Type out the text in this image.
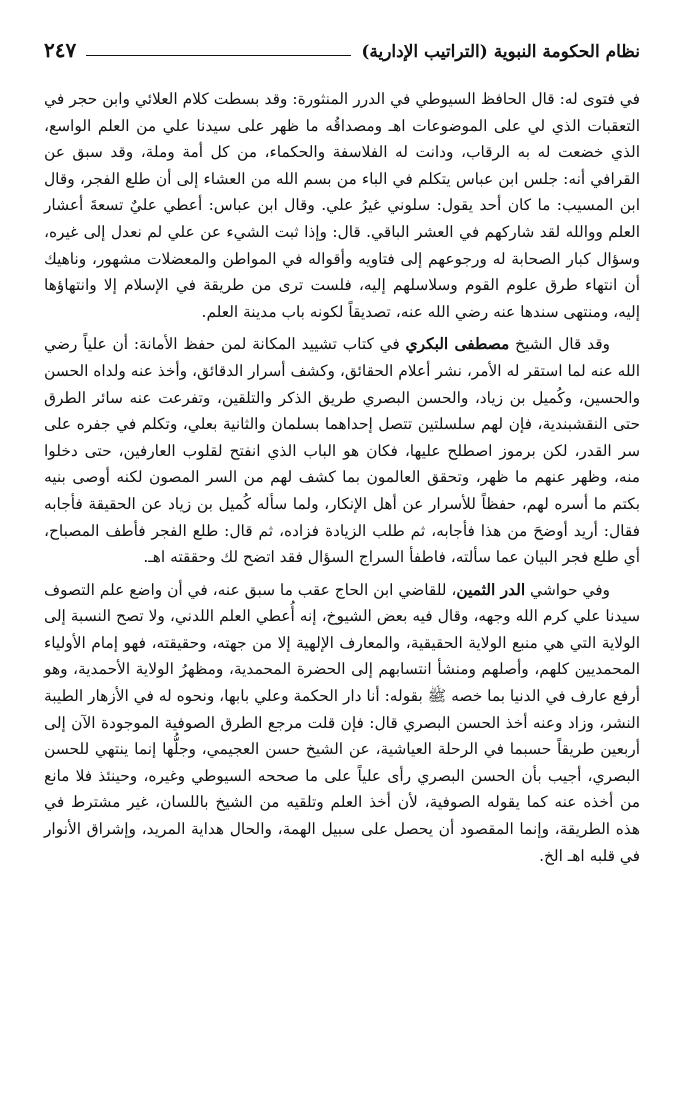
نظام الحكومة النبوية (التراتيب الإدارية)
٢٤٧

في فتوى له: قال الحافظ السيوطي في الدرر المنثورة: وقد بسطت كلام العلائي وابن حجر في التعقبات الذي لي على الموضوعات اهـ ومصداقُه ما ظهر على سيدنا علي من العلم الواسع، الذي خضعت له به الرقاب، ودانت له الفلاسفة والحكماء، من كل أمة وملة، وقد سبق عن القرافي أنه: جلس ابن عباس يتكلم في الباء من بسم الله من العشاء إلى أن طلع الفجر، وقال ابن المسيب: ما كان أحد يقول: سلوني غيرُ علي. وقال ابن عباس: أعطي عليٌ تسعةَ أعشار العلم ووالله لقد شاركهم في العشر الباقي. قال: وإذا ثبت الشيء عن علي لم نعدل إلى غيره، وسؤال كبار الصحابة له ورجوعهم إلى فتاويه وأقواله في المواطن والمعضلات مشهور، وناهيك أن انتهاء طرق علوم القوم وسلاسلهم إليه، فلست ترى من طريقة في الإسلام إلا وانتهاؤها إليه، ومنتهى سندها عنه رضي الله عنه، تصديقاً لكونه باب مدينة العلم.

وقد قال الشيخ مصطفى البكري في كتاب تشييد المكانة لمن حفظ الأمانة: أن علياً رضي الله عنه لما استقر له الأمر، نشر أعلام الحقائق، وكشف أسرار الدقائق، وأخذ عنه ولداه الحسن والحسين، وكُميل بن زياد، والحسن البصري طريق الذكر والتلقين، وتفرعت عنه سائر الطرق حتى النقشبندية، فإن لهم سلسلتين تتصل إحداهما بسلمان والثانية بعلي، وتكلم في جفره على سر القدر، لكن برموز اصطلح عليها، فكان هو الباب الذي انفتح لقلوب العارفين، حتى دخلوا منه، وظهر عنهم ما ظهر، وتحقق العالمون بما كشف لهم من السر المصون لكنه أوصى بنيه بكتم ما أسره لهم، حفظاً للأسرار عن أهل الإنكار، ولما سأله كُميل بن زياد عن الحقيقة فأجابه فقال: أريد أوضحَ من هذا فأجابه، ثم طلب الزيادة فزاده، ثم قال: طلع الفجر فأطف المصباح، أي طلع فجر البيان عما سألته، فاطفأ السراج السؤال فقد اتضح لك وحققته اهـ.

وفي حواشي الدر الثمين، للقاضي ابن الحاج عقب ما سبق عنه، في أن واضع علم التصوف سيدنا علي كرم الله وجهه، وقال فيه بعض الشيوخ، إنه أُعطي العلم اللدني، ولا تصح النسبة إلى الولاية التي هي منبع الولاية الحقيقية، والمعارف الإلهية إلا من جهته، وحقيقته، فهو إمام الأولياء المحمديين كلهم، وأصلهم ومنشأ انتسابهم إلى الحضرة المحمدية، ومظهرُ الولاية الأحمدية، وهو أرفع عارف في الدنيا بما خصه ﷺ بقوله: أنا دار الحكمة وعلي بابها، ونحوه له في الأزهار الطيبة النشر، وزاد وعنه أخذ الحسن البصري قال: فإن قلت مرجع الطرق الصوفية الموجودة الآن إلى أربعين طريقاً حسبما في الرحلة العياشية، عن الشيخ حسن العجيمي، وجلُّها إنما ينتهي للحسن البصري، أجيب بأن الحسن البصري رأى علياً على ما صححه السيوطي وغيره، وحينئذ فلا مانع من أخذه عنه كما يقوله الصوفية، لأن أخذ العلم وتلقيه من الشيخ باللسان، غير مشترط في هذه الطريقة، وإنما المقصود أن يحصل على سبيل الهمة، والحال هداية المريد، وإشراق الأنوار في قلبه اهـ الخ.
